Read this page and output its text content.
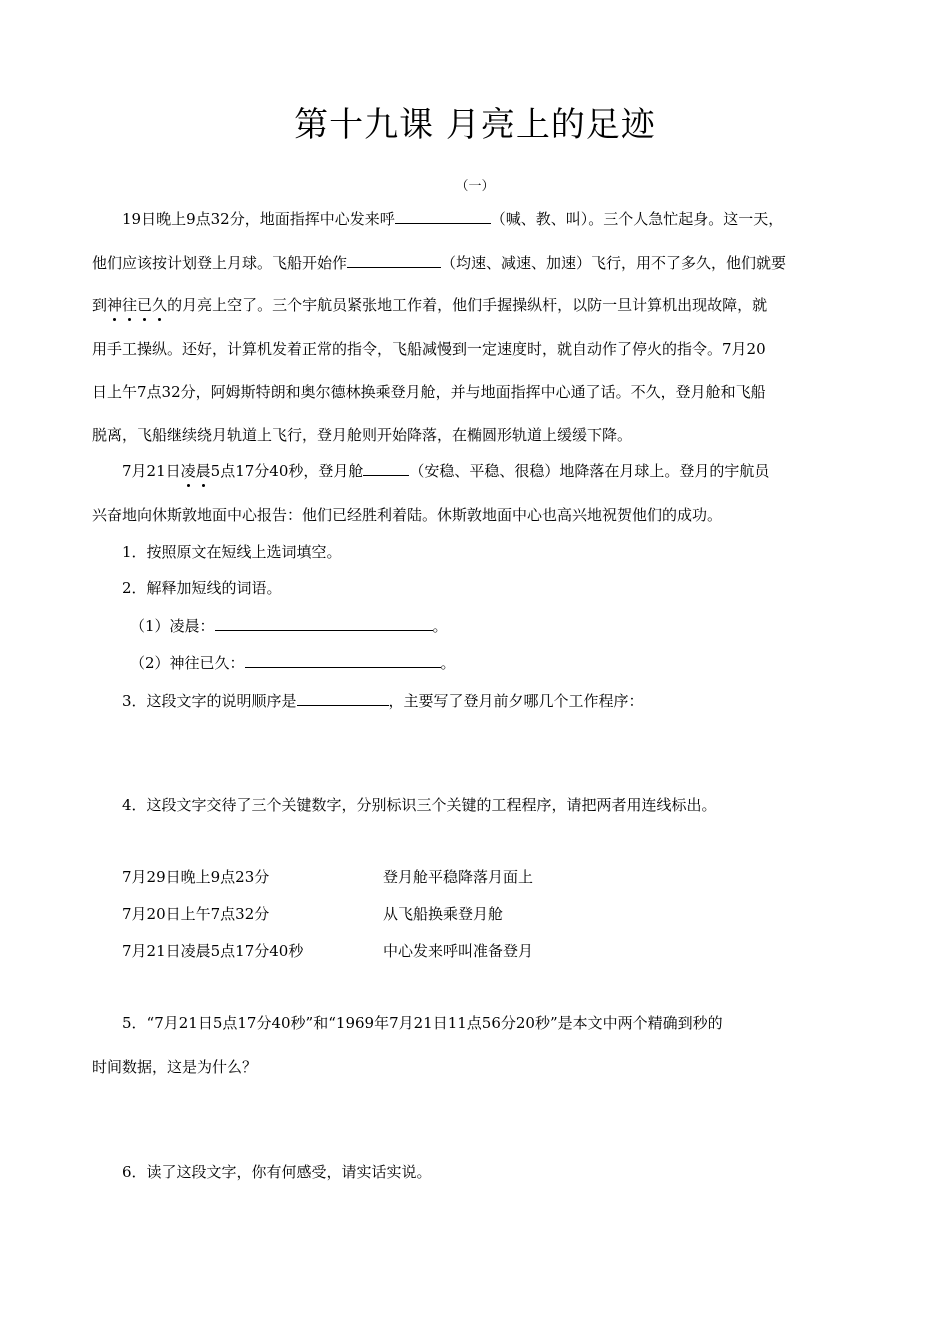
第十九课 月亮上的足迹
（一）
19日晚上9点32分，地面指挥中心发来呼	（喊、教、叫）。三个人急忙起身。这一天，
他们应该按计划登上月球。飞船开始作	（均速、减速、加速）飞行，用不了多久，他们就要
到神往已久的月亮上空了。三个宇航员紧张地工作着，他们手握操纵杆，以防一旦计算机出现故障，就
用手工操纵。还好，计算机发着正常的指令，飞船减慢到一定速度时，就自动作了停火的指令。7月20
日上午7点32分，阿姆斯特朗和奥尔德林换乘登月舱，并与地面指挥中心通了话。不久，登月舱和飞船
脱离，飞船继续绕月轨道上飞行，登月舱则开始降落，在椭圆形轨道上缓缓下降。
7月21日凌晨5点17分40秒，登月舱	（安稳、平稳、很稳）地降落在月球上。登月的宇航员
兴奋地向休斯敦地面中心报告：他们已经胜利着陆。休斯敦地面中心也高兴地祝贺他们的成功。
1．按照原文在短线上选词填空。
2．解释加短线的词语。
（1）凌晨：	。
（2）神往已久：	。
3．这段文字的说明顺序是	，主要写了登月前夕哪几个工作程序：
4．这段文字交待了三个关键数字，分别标识三个关键的工程程序，请把两者用连线标出。
7月29日晚上9点23分	登月舱平稳降落月面上
7月20日上午7点32分	从飞船换乘登月舱
7月21日凌晨5点17分40秒	中心发来呼叫准备登月
5．“7月21日5点17分40秒”和“1969年7月21日11点56分20秒”是本文中两个精确到秒的
时间数据，这是为什么？
6．读了这段文字，你有何感受，请实话实说。
